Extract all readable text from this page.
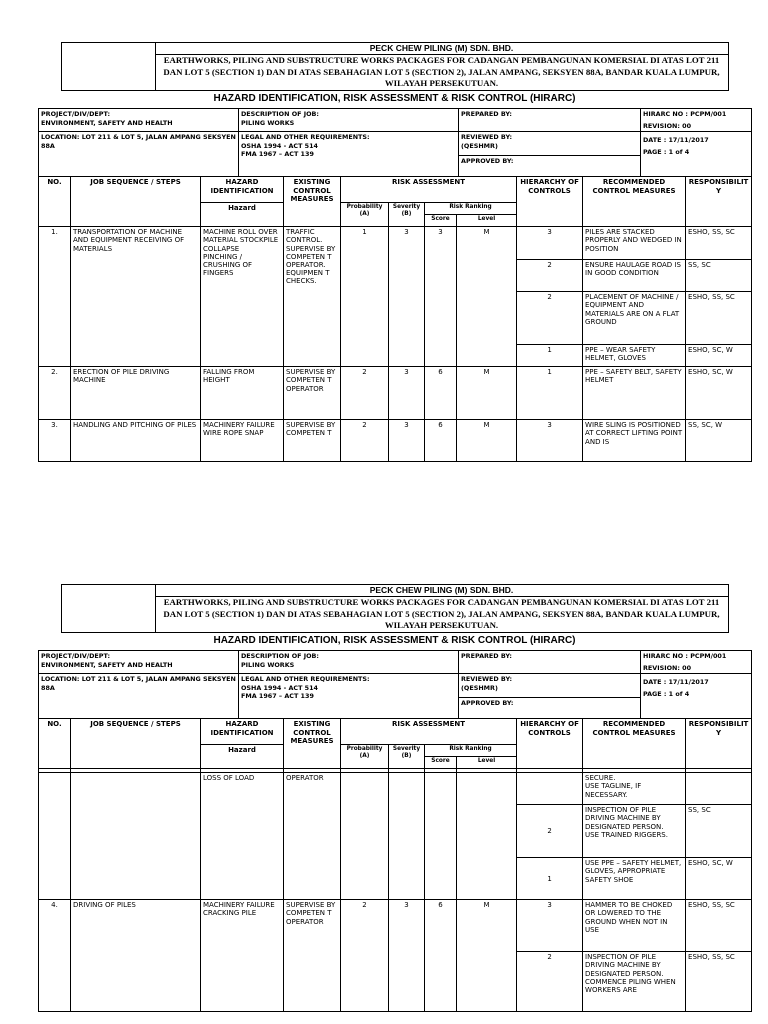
PECK CHEW PILING (M) SDN. BHD.
EARTHWORKS, PILING AND SUBSTRUCTURE WORKS PACKAGES FOR CADANGAN PEMBANGUNAN KOMERSIAL DI ATAS LOT 211 DAN LOT 5 (SECTION 1) DAN DI ATAS SEBAHAGIAN LOT 5 (SECTION 2), JALAN AMPANG, SEKSYEN 88A, BANDAR KUALA LUMPUR, WILAYAH PERSEKUTUAN.
HAZARD IDENTIFICATION, RISK ASSESSMENT & RISK CONTROL (HIRARC)
PROJECT/DIV/DEPT:
ENVIRONMENT, SAFETY AND HEALTH	DESCRIPTION OF JOB:
PILING WORKS	PREPARED BY:	HIRARC NO : PCPM/001
REVISION: 00
LOCATION: LOT 211 & LOT 5, JALAN AMPANG SEKSYEN 88A	LEGAL AND OTHER REQUIREMENTS:
OSHA 1994 - ACT 514
FMA 1967 – ACT 139	REVIEWED BY:
(QESHMR)	DATE : 17/11/2017
PAGE : 1 of 4
		APPROVED BY:	
NO.	JOB SEQUENCE / STEPS	HAZARD IDENTIFICATION	EXISTING CONTROL MEASURES	RISK ASSESSMENT				HIERARCHY OF CONTROLS	RECOMMENDED CONTROL MEASURES	RESPONSIBILITY
		Hazard		Probability (A)	Severity (B)	Risk Ranking				
						Score	Level			
1.	TRANSPORTATION OF MACHINE AND EQUIPMENT RECEIVING OF MATERIALS	MACHINE ROLL OVER
MATERIAL STOCKPILE COLLAPSE
PINCHING / CRUSHING OF FINGERS	TRAFFIC CONTROL. SUPERVISE BY COMPETEN T OPERATOR.
EQUIPMEN T CHECKS.	1	3	3	M	3	PILES ARE STACKED PROPERLY AND WEDGED IN POSITION	ESHO, SS, SC
								2	ENSURE HAULAGE ROAD IS IN GOOD CONDITION	SS, SC
								2	PLACEMENT OF MACHINE / EQUIPMENT AND MATERIALS ARE ON A FLAT GROUND	ESHO, SS, SC
								1	PPE – WEAR SAFETY HELMET, GLOVES	ESHO, SC, W
2.	ERECTION OF PILE DRIVING MACHINE	FALLING FROM HEIGHT	SUPERVISE BY COMPETEN T OPERATOR	2	3	6	M	1	PPE – SAFETY BELT, SAFETY HELMET	ESHO, SC, W
3.	HANDLING AND PITCHING OF PILES	MACHINERY FAILURE
WIRE ROPE SNAP	SUPERVISE BY COMPETEN T	2	3	6	M	3	WIRE SLING IS POSITIONED AT CORRECT LIFTING POINT AND IS	SS, SC, W
PECK CHEW PILING (M) SDN. BHD.
EARTHWORKS, PILING AND SUBSTRUCTURE WORKS PACKAGES FOR CADANGAN PEMBANGUNAN KOMERSIAL DI ATAS LOT 211 DAN LOT 5 (SECTION 1) DAN DI ATAS SEBAHAGIAN LOT 5 (SECTION 2), JALAN AMPANG, SEKSYEN 88A, BANDAR KUALA LUMPUR, WILAYAH PERSEKUTUAN.
HAZARD IDENTIFICATION, RISK ASSESSMENT & RISK CONTROL (HIRARC)
PROJECT/DIV/DEPT:
ENVIRONMENT, SAFETY AND HEALTH	DESCRIPTION OF JOB:
PILING WORKS	PREPARED BY:	HIRARC NO : PCPM/001
REVISION: 00
LOCATION: LOT 211 & LOT 5, JALAN AMPANG SEKSYEN 88A	LEGAL AND OTHER REQUIREMENTS:
OSHA 1994 - ACT 514
FMA 1967 – ACT 139	REVIEWED BY:
(QESHMR)	DATE : 17/11/2017
PAGE : 1 of 4
		APPROVED BY:	
NO.	JOB SEQUENCE / STEPS	HAZARD IDENTIFICATION	EXISTING CONTROL MEASURES	RISK ASSESSMENT				HIERARCHY OF CONTROLS	RECOMMENDED CONTROL MEASURES	RESPONSIBILITY
		Hazard		Probability (A)	Severity (B)	Risk Ranking				
						Score	Level			

		LOSS OF LOAD	OPERATOR						SECURE.
USE TAGLINE, IF NECESSARY.	
								2	INSPECTION OF PILE DRIVING MACHINE BY DESIGNATED PERSON.
USE TRAINED RIGGERS.	SS, SC
								1	USE PPE – SAFETY HELMET, GLOVES, APPROPRIATE SAFETY SHOE	ESHO, SC, W
4.	DRIVING OF PILES	MACHINERY FAILURE
CRACKING PILE	SUPERVISE BY COMPETEN T OPERATOR	2	3	6	M	3	HAMMER TO BE CHOKED OR LOWERED TO THE GROUND WHEN NOT IN USE	ESHO, SS, SC
								2	INSPECTION OF PILE DRIVING MACHINE BY DESIGNATED PERSON. COMMENCE PILING WHEN WORKERS ARE	ESHO, SS, SC
